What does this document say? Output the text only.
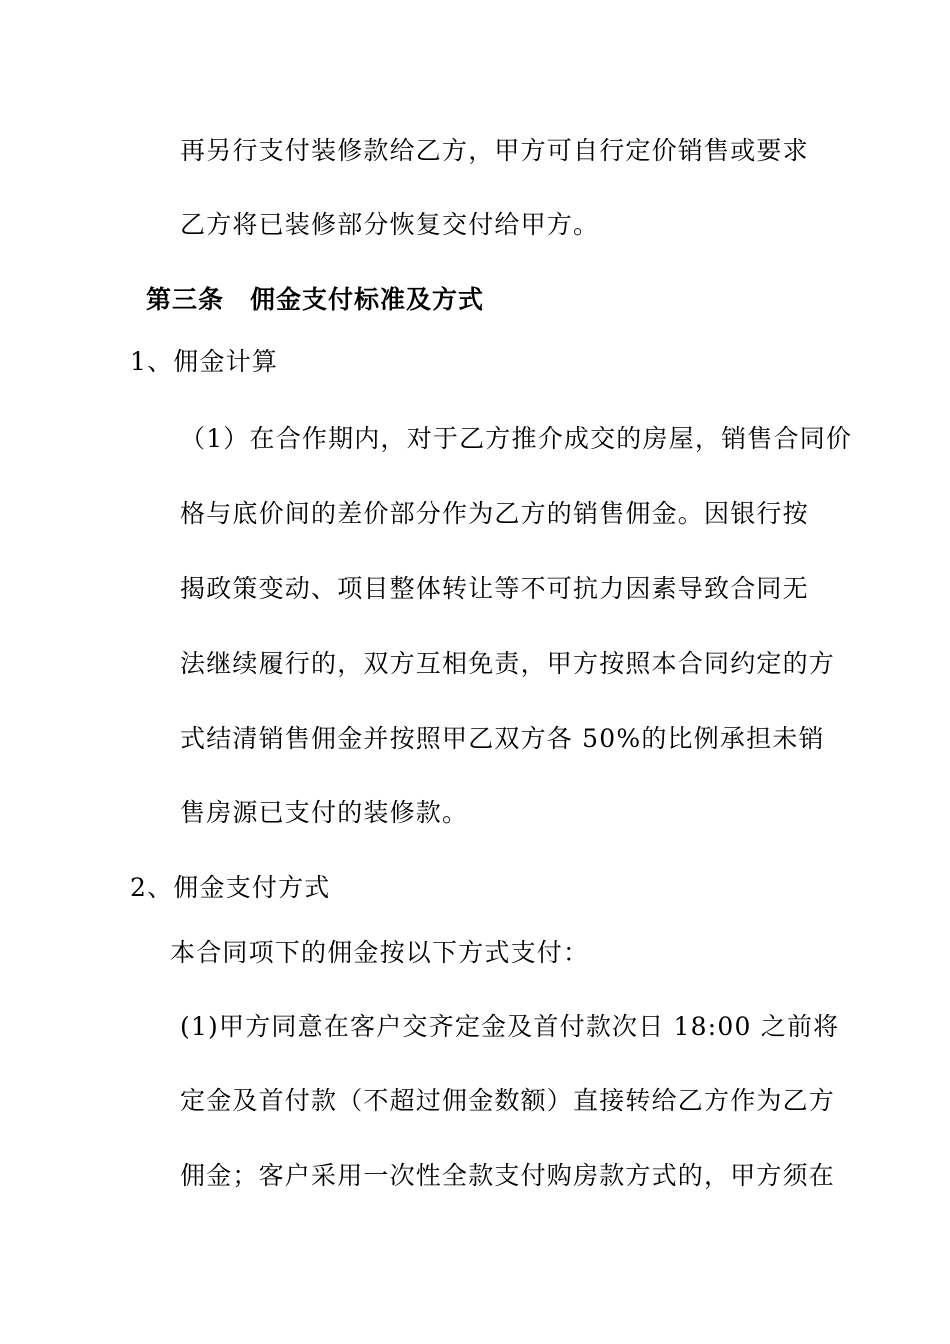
再另行支付装修款给乙方，甲方可自行定价销售或要求
乙方将已装修部分恢复交付给甲方。
第三条　佣金支付标准及方式
1、佣金计算
（1）在合作期内，对于乙方推介成交的房屋，销售合同价
格与底价间的差价部分作为乙方的销售佣金。因银行按
揭政策变动、项目整体转让等不可抗力因素导致合同无
法继续履行的，双方互相免责，甲方按照本合同约定的方
式结清销售佣金并按照甲乙双方各 50%的比例承担未销
售房源已支付的装修款。
2、佣金支付方式
本合同项下的佣金按以下方式支付：
(1)甲方同意在客户交齐定金及首付款次日 18:00 之前将
定金及首付款（不超过佣金数额）直接转给乙方作为乙方
佣金；客户采用一次性全款支付购房款方式的，甲方须在
